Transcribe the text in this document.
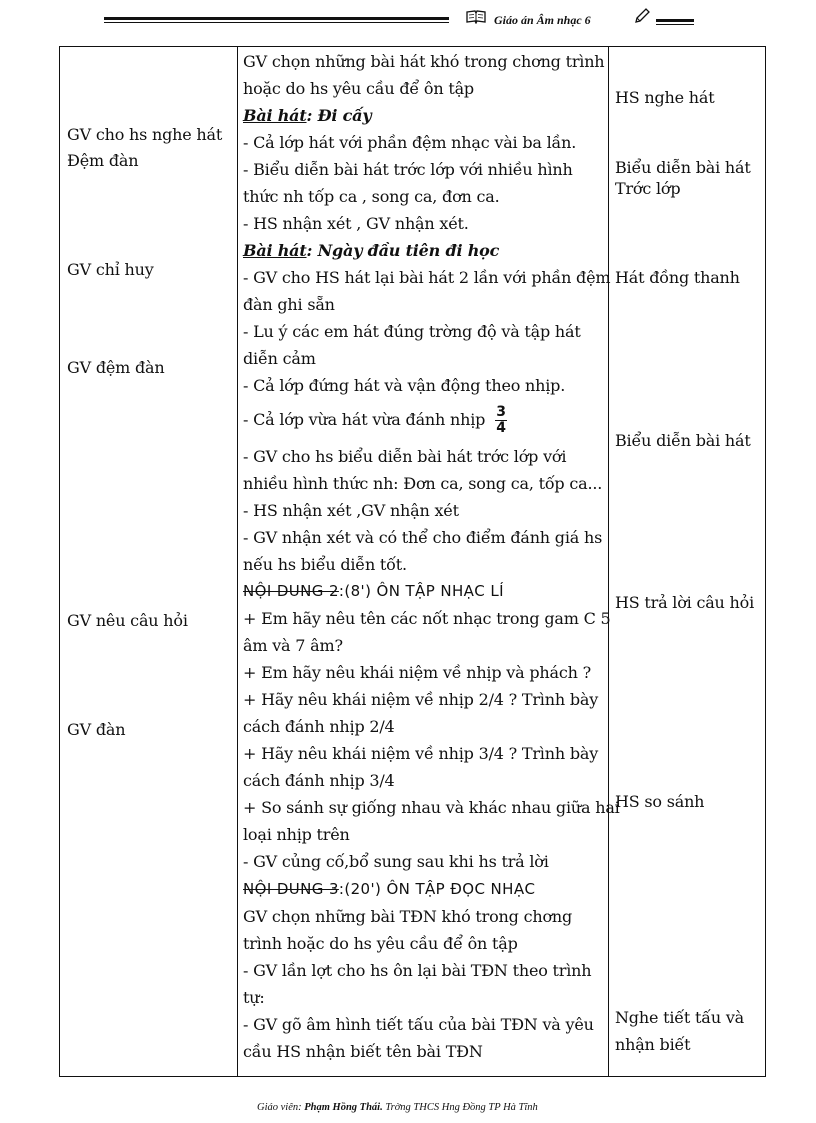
Giáo án Âm nhạc 6
GV cho hs nghe hát
Đệm đàn
GV chỉ huy
GV đệm đàn
GV nêu câu hỏi
GV đàn
GV chọn những bài hát khó trong chơng trình
hoặc do hs yêu cầu để ôn tập
Bài hát: Đi cấy
- Cả lớp hát với phần đệm nhạc vài ba lần.
- Biểu diễn bài hát trớc lớp với nhiều hình
thức nh tốp ca , song ca, đơn ca.
- HS nhận xét , GV nhận xét.
Bài hát: Ngày đầu tiên đi học
- GV cho HS hát lại bài hát 2 lần với phần đệm
đàn ghi sẵn
- Lu ý các em hát đúng trờng độ và tập hát
diễn cảm
- Cả lớp đứng hát và vận động theo nhịp.
- Cả lớp vừa hát vừa đánh nhịp $\frac{3}{4}$
- GV cho hs biểu diễn bài hát trớc lớp với
nhiều hình thức nh: Đơn ca, song ca, tốp ca...
- HS nhận xét ,GV nhận xét
- GV nhận xét và có thể cho điểm đánh giá hs
nếu hs biểu diễn tốt.
NỘI DUNG 2:(8') ÔN TẬP NHẠC LÍ
+ Em hãy nêu tên các nốt nhạc trong gam C 5
âm và 7 âm?
+ Em hãy nêu khái niệm về nhịp và phách ?
+ Hãy nêu khái niệm về nhịp 2/4 ? Trình bày
cách đánh nhịp 2/4
+ Hãy nêu khái niệm về nhịp 3/4 ? Trình bày
cách đánh nhịp 3/4
+ So sánh sự giống nhau và khác nhau giữa hai
loại nhịp trên
- GV củng cố,bổ sung sau khi hs trả lời
NỘI DUNG 3:(20') ÔN TẬP ĐỌC NHẠC
GV chọn những bài TĐN khó trong chơng
trình hoặc do hs yêu cầu để ôn tập
- GV lần lợt cho hs ôn lại bài TĐN theo trình
tự:
- GV gõ âm hình tiết tấu của bài TĐN và yêu
cầu HS nhận biết tên bài TĐN
HS nghe hát
Biểu diễn bài hát
Trớc lớp
Hát đồng thanh
Biểu diễn bài hát
HS trả lời câu hỏi
HS so sánh
Nghe tiết tấu và
nhận biết
Giáo viên: Phạm Hồng Thái. Trờng THCS Hng Đồng TP Hà Tĩnh
